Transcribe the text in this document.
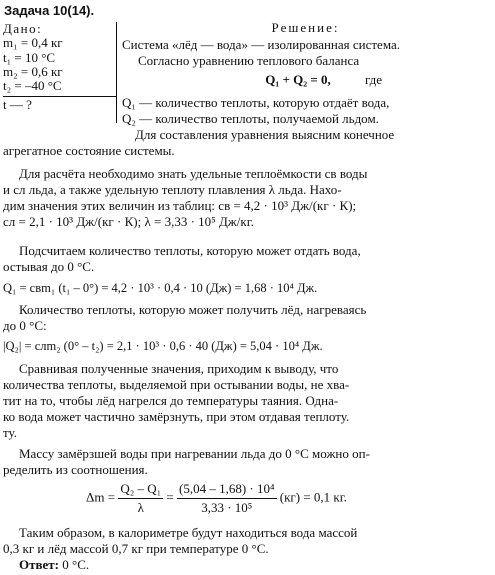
Задача 10(14).
Дано:
m₁ = 0,4 кг
t₁ = 10 °C
m₂ = 0,6 кг
t₂ = –40 °C
t — ?
Решение:
Система «лёд — вода» — изолированная система.
Согласно уравнению теплового баланса
Q₁ + Q₂ = 0,	где
Q₁ — количество теплоты, которую отдаёт вода,
Q₂ — количество теплоты, получаемой льдом.
Для составления уравнения выясним конечное
агрегатное состояние системы.
Для расчёта необходимо знать удельные теплоёмкости cв воды
и cл льда, а также удельную теплоту плавления λ льда. Нахо-
дим значения этих величин из таблиц: cв = 4,2 · 10³ Дж/(кг · К);
cл = 2,1 · 10³ Дж/(кг · К); λ = 3,33 · 10⁵ Дж/кг.
Подсчитаем количество теплоты, которую может отдать вода,
остывая до 0 °C.
Q₁ = cвm₁ (t₁ – 0°) = 4,2 · 10³ · 0,4 · 10 (Дж) = 1,68 · 10⁴ Дж.
Количество теплоты, которую может получить лёд, нагреваясь
до 0 °C:
|Q₂| = cлm₂ (0° – t₂) = 2,1 · 10³ · 0,6 · 40 (Дж) = 5,04 · 10⁴ Дж.
Сравнивая полученные значения, приходим к выводу, что
количества теплоты, выделяемой при остывании воды, не хва-
тит на то, чтобы лёд нагрелся до температуры таяния. Одна-
ко вода может частично замёрзнуть, при этом отдавая теплоту.
ту.
Массу замёрзшей воды при нагревании льда до 0 °C можно оп-
ределить из соотношения.
$\Delta m = \frac{\text{Q₂ – Q₁}}{\lambda} = \frac{\text{(5,04 – 1,68) · 10⁴}}{\text{3,33 · 10⁵}} (кг) = 0,1$ кг.
Таким образом, в калориметре будут находиться вода массой
0,3 кг и лёд массой 0,7 кг при температуре 0 °C.
Ответ: 0 °C.
